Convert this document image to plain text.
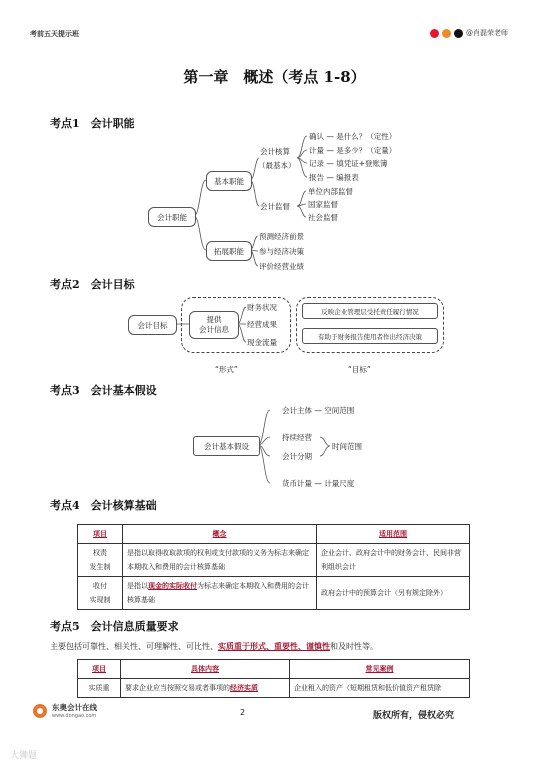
考前五天提示班	@肖磊荣老师
第一章　概述（考点 1-8）
考点1　会计职能
会计职能
基本职能
拓展职能
会计核算
（最基本）
确认 — 是什么？（定性）
计量 — 是多少？（定量）
记录 — 填凭证+登账簿
报告 — 编报表
会计监督
单位内部监督
国家监督
社会监督
预测经济前景
参与经济决策
评价经营业绩
考点2　会计目标
会计目标
提供
会计信息
财务状况
经营成果
现金流量
反映企业管理层受托责任履行情况
有助于财务报告使用者作出经济决策
“形式”	“目标”
考点3　会计基本假设
会计基本假设
会计主体 — 空间范围
持续经营
会计分期
时间范围
货币计量 — 计量尺度
考点4　会计核算基础
项目	概念	适用范围
权责
发生制	是指以取得收取款项的权利或支付款项的义务为标志来确定本期收入和费用的会计核算基础	企业会计、政府会计中的财务会计、民间非营利组织会计
收付
实现制	是指以现金的实际收付为标志来确定本期收入和费用的会计核算基础	政府会计中的预算会计（另有规定除外）
考点5　会计信息质量要求
主要包括可靠性、相关性、可理解性、可比性、实质重于形式、重要性、谨慎性和及时性等。
项目	具体内容	常见案例
实质重	要求企业应当按照交易或者事项的经济实质	企业租入的资产（短期租赁和低价值资产租赁除
东奥会计在线
www.dongao.com	2	版权所有，侵权必究
大狮题
